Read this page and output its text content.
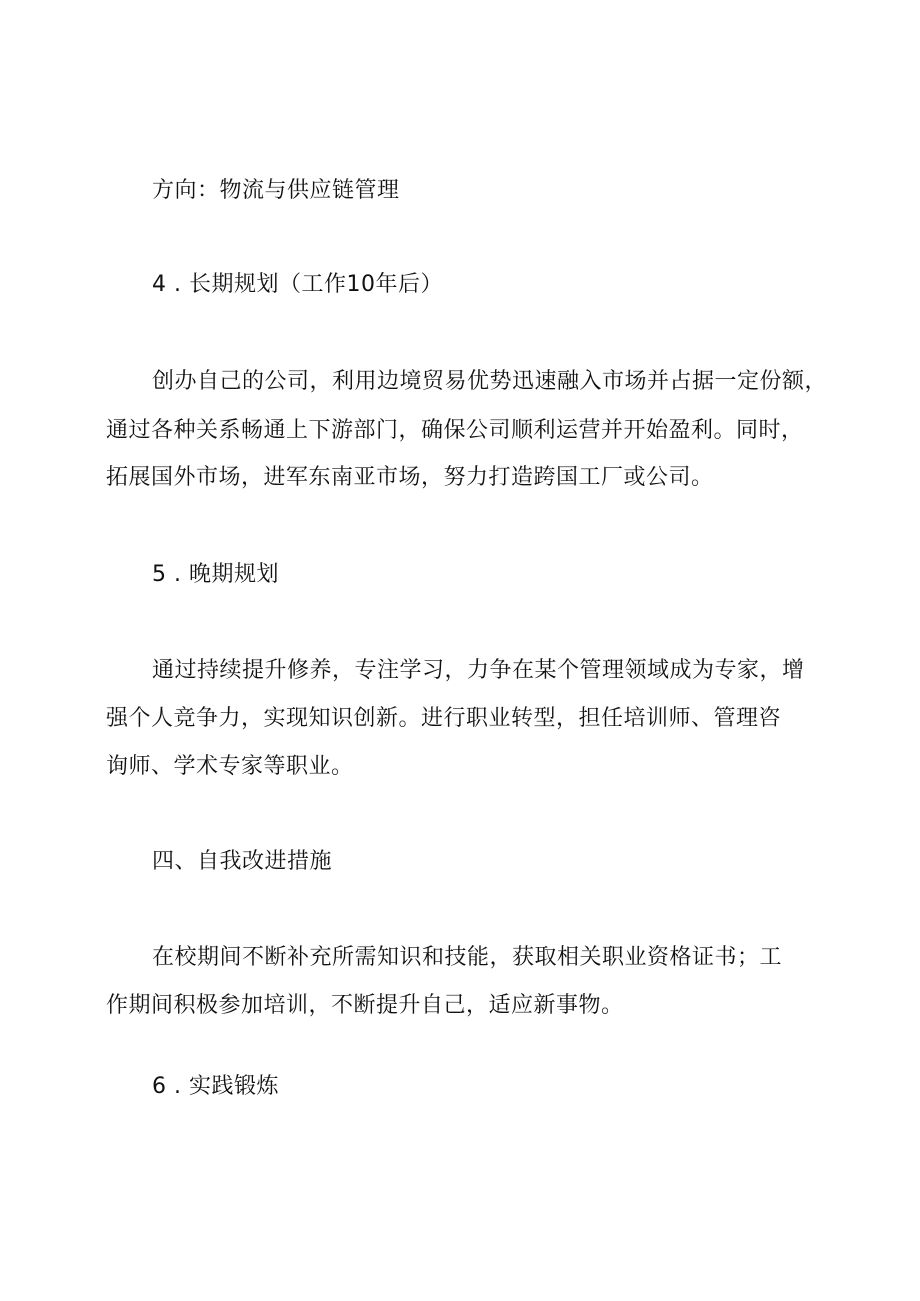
方向：物流与供应链管理
4 . 长期规划（工作10年后）
创办自己的公司，利用边境贸易优势迅速融入市场并占据一定份额，
通过各种关系畅通上下游部门，确保公司顺利运营并开始盈利。同时，
拓展国外市场，进军东南亚市场，努力打造跨国工厂或公司。
5 . 晚期规划
通过持续提升修养，专注学习，力争在某个管理领域成为专家，增
强个人竞争力，实现知识创新。进行职业转型，担任培训师、管理咨
询师、学术专家等职业。
四、自我改进措施
在校期间不断补充所需知识和技能，获取相关职业资格证书；工
作期间积极参加培训，不断提升自己，适应新事物。
6 . 实践锻炼
